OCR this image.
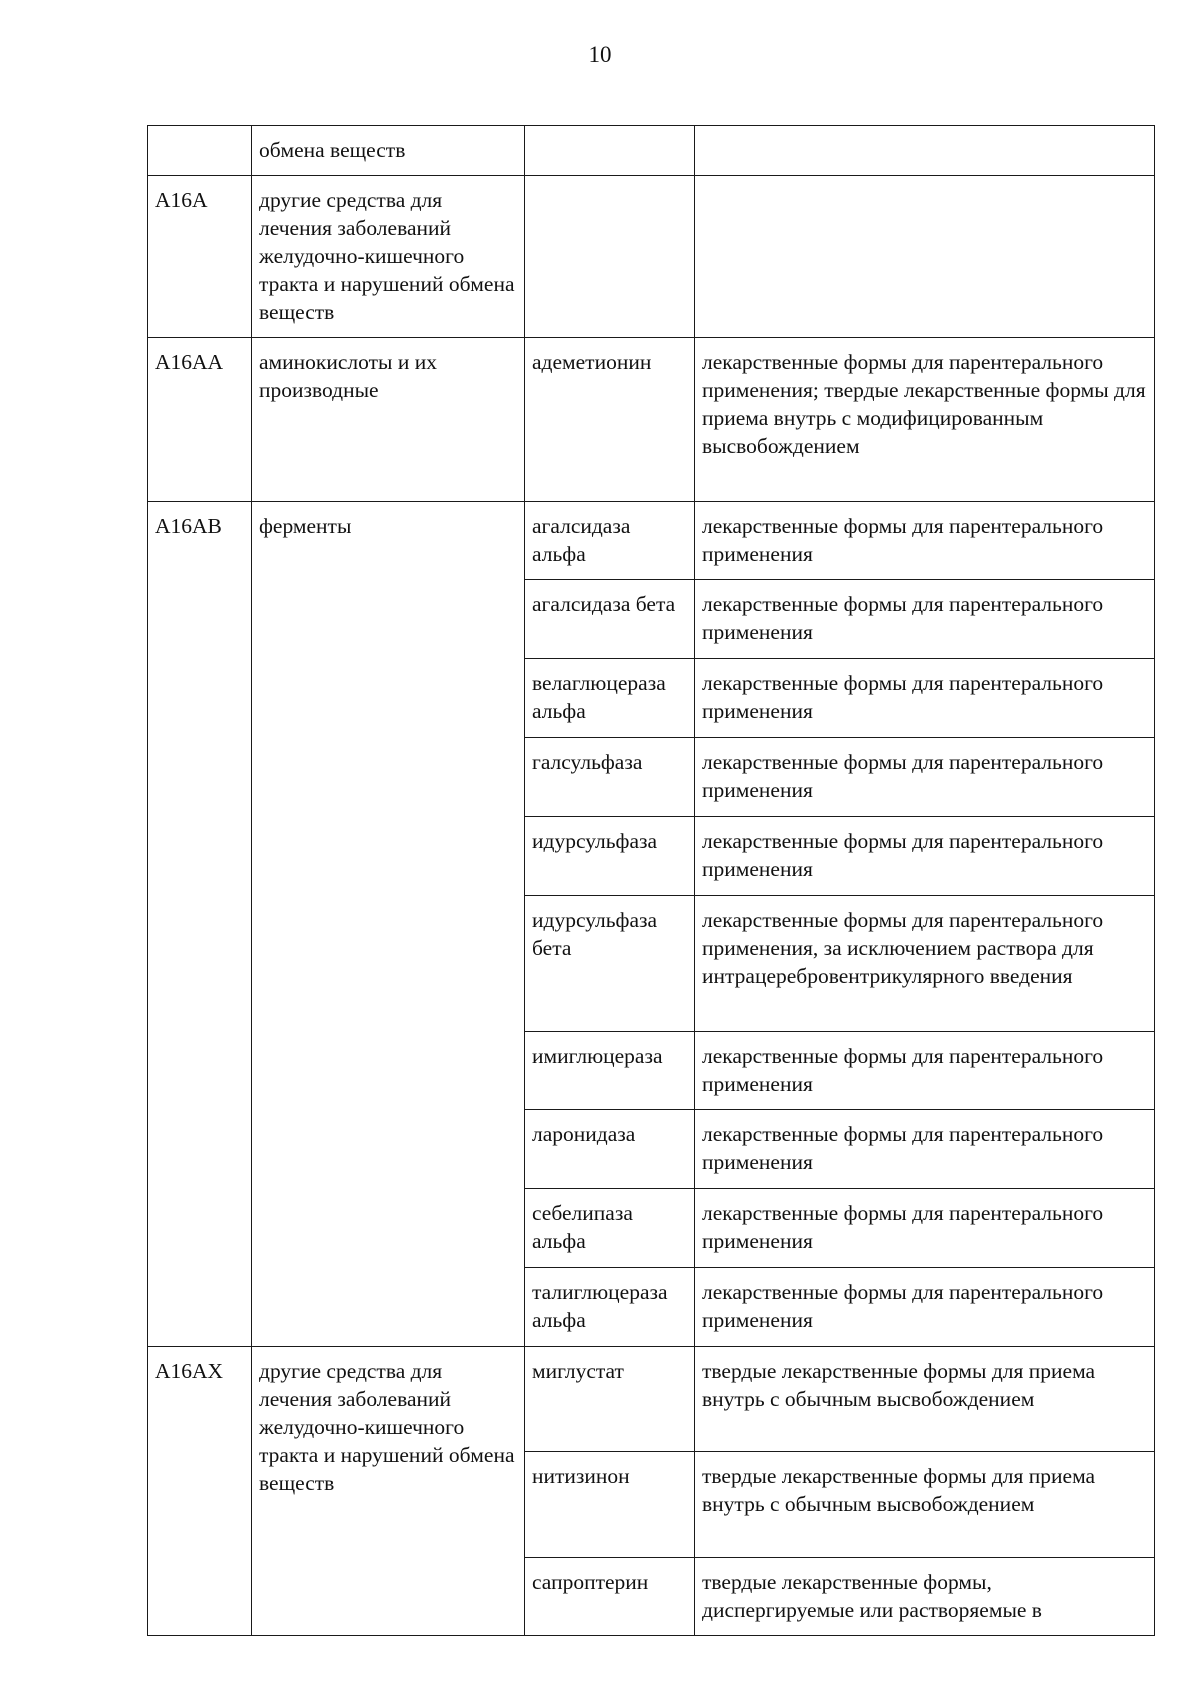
10
	обмена веществ		
A16A	другие средства для лечения заболеваний желудочно-кишечного тракта и нарушений обмена веществ		
A16AA	аминокислоты и их производные	адеметионин	лекарственные формы для парентерального применения; твердые лекарственные формы для приема внутрь с модифицированным высвобождением
A16AB	ферменты	агалсидаза альфа	лекарственные формы для парентерального применения
		агалсидаза бета	лекарственные формы для парентерального применения
		велаглюцераза альфа	лекарственные формы для парентерального применения
		галсульфаза	лекарственные формы для парентерального применения
		идурсульфаза	лекарственные формы для парентерального применения
		идурсульфаза бета	лекарственные формы для парентерального применения, за исключением раствора для интрацеребровентрикулярного введения
		имиглюцераза	лекарственные формы для парентерального применения
		ларонидаза	лекарственные формы для парентерального применения
		себелипаза альфа	лекарственные формы для парентерального применения
		талиглюцераза альфа	лекарственные формы для парентерального применения
A16AX	другие средства для лечения заболеваний желудочно-кишечного тракта и нарушений обмена веществ	миглустат	твердые лекарственные формы для приема внутрь с обычным высвобождением
		нитизинон	твердые лекарственные формы для приема внутрь с обычным высвобождением
		сапроптерин	твердые лекарственные формы, диспергируемые или растворяемые в
